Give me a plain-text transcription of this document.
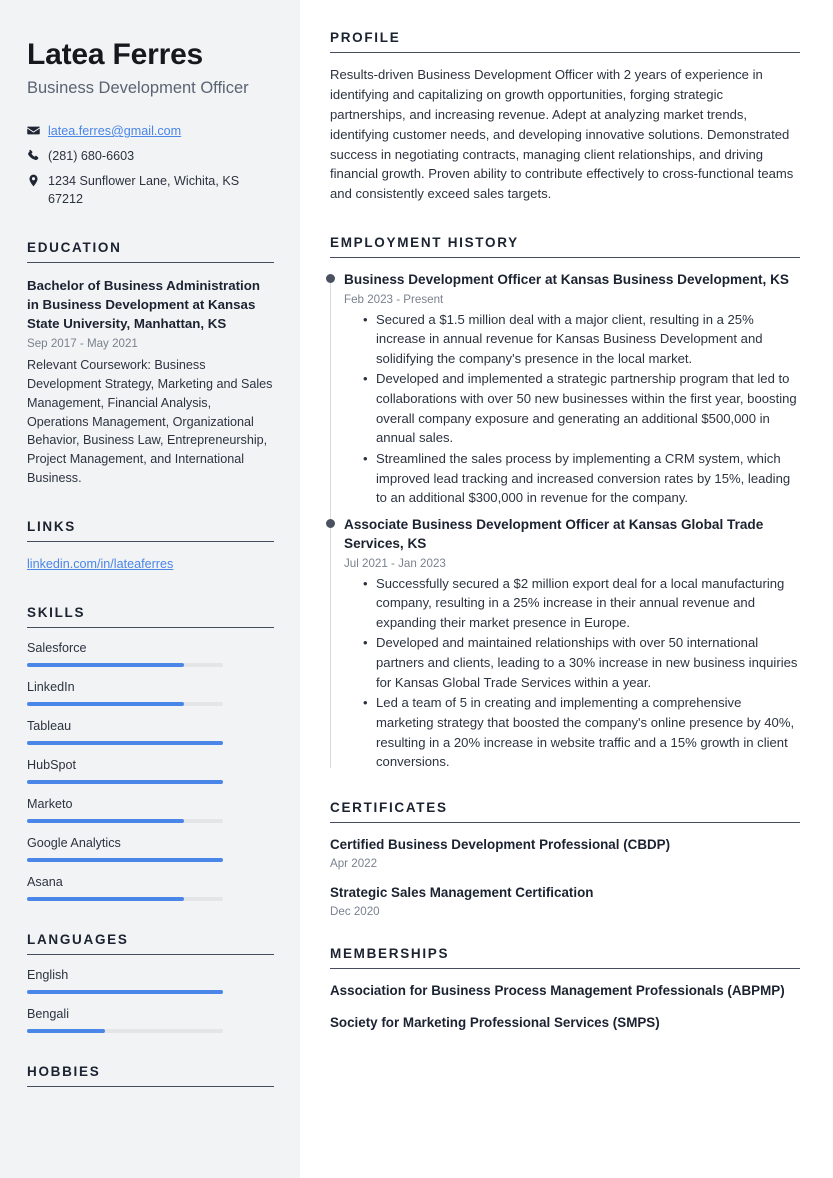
Latea Ferres
Business Development Officer
latea.ferres@gmail.com
(281) 680-6603
1234 Sunflower Lane, Wichita, KS 67212
EDUCATION
Bachelor of Business Administration in Business Development at Kansas State University, Manhattan, KS
Sep 2017 - May 2021
Relevant Coursework: Business Development Strategy, Marketing and Sales Management, Financial Analysis, Operations Management, Organizational Behavior, Business Law, Entrepreneurship, Project Management, and International Business.
LINKS
linkedin.com/in/lateaferres
SKILLS
Salesforce
LinkedIn
Tableau
HubSpot
Marketo
Google Analytics
Asana
LANGUAGES
English
Bengali
HOBBIES
PROFILE

Results-driven Business Development Officer with 2 years of experience in identifying and capitalizing on growth opportunities, forging strategic partnerships, and increasing revenue. Adept at analyzing market trends, identifying customer needs, and developing innovative solutions. Demonstrated success in negotiating contracts, managing client relationships, and driving financial growth. Proven ability to contribute effectively to cross-functional teams and consistently exceed sales targets.

EMPLOYMENT HISTORY
Business Development Officer at Kansas Business Development, KS
Feb 2023 - Present
• Secured a $1.5 million deal with a major client, resulting in a 25% increase in annual revenue for Kansas Business Development and solidifying the company's presence in the local market.
• Developed and implemented a strategic partnership program that led to collaborations with over 50 new businesses within the first year, boosting overall company exposure and generating an additional $500,000 in annual sales.
• Streamlined the sales process by implementing a CRM system, which improved lead tracking and increased conversion rates by 15%, leading to an additional $300,000 in revenue for the company.
Associate Business Development Officer at Kansas Global Trade Services, KS
Jul 2021 - Jan 2023
• Successfully secured a $2 million export deal for a local manufacturing company, resulting in a 25% increase in their annual revenue and expanding their market presence in Europe.
• Developed and maintained relationships with over 50 international partners and clients, leading to a 30% increase in new business inquiries for Kansas Global Trade Services within a year.
• Led a team of 5 in creating and implementing a comprehensive marketing strategy that boosted the company's online presence by 40%, resulting in a 20% increase in website traffic and a 15% growth in client conversions.
CERTIFICATES
Certified Business Development Professional (CBDP)
Apr 2022
Strategic Sales Management Certification
Dec 2020
MEMBERSHIPS
Association for Business Process Management Professionals (ABPMP)
Society for Marketing Professional Services (SMPS)
